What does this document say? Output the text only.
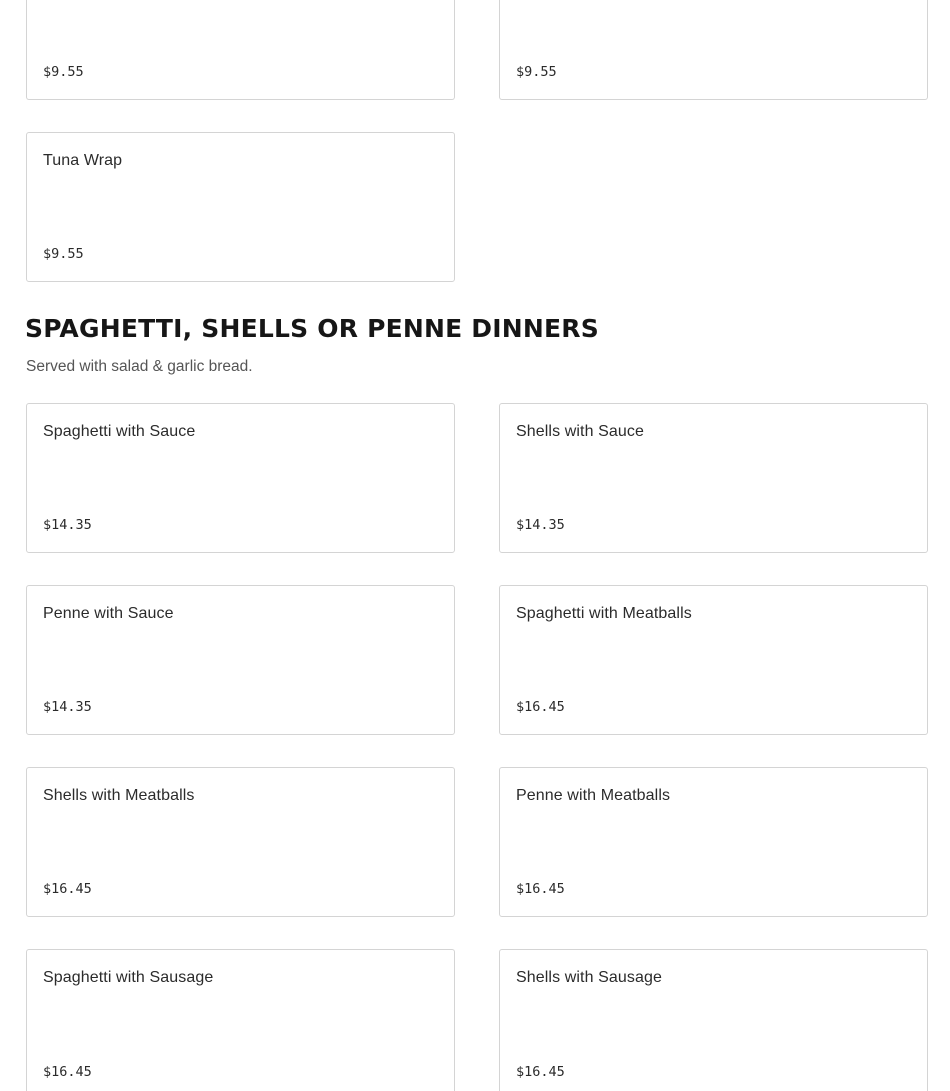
$9.55	$9.55
Tuna Wrap
$9.55
SPAGHETTI, SHELLS OR PENNE DINNERS

Served with salad & garlic bread.

Spaghetti with Sauce
$14.35
Shells with Sauce
$14.35
Penne with Sauce
$14.35
Spaghetti with Meatballs
$16.45
Shells with Meatballs
$16.45
Penne with Meatballs
$16.45
Spaghetti with Sausage
$16.45
Shells with Sausage
$16.45
